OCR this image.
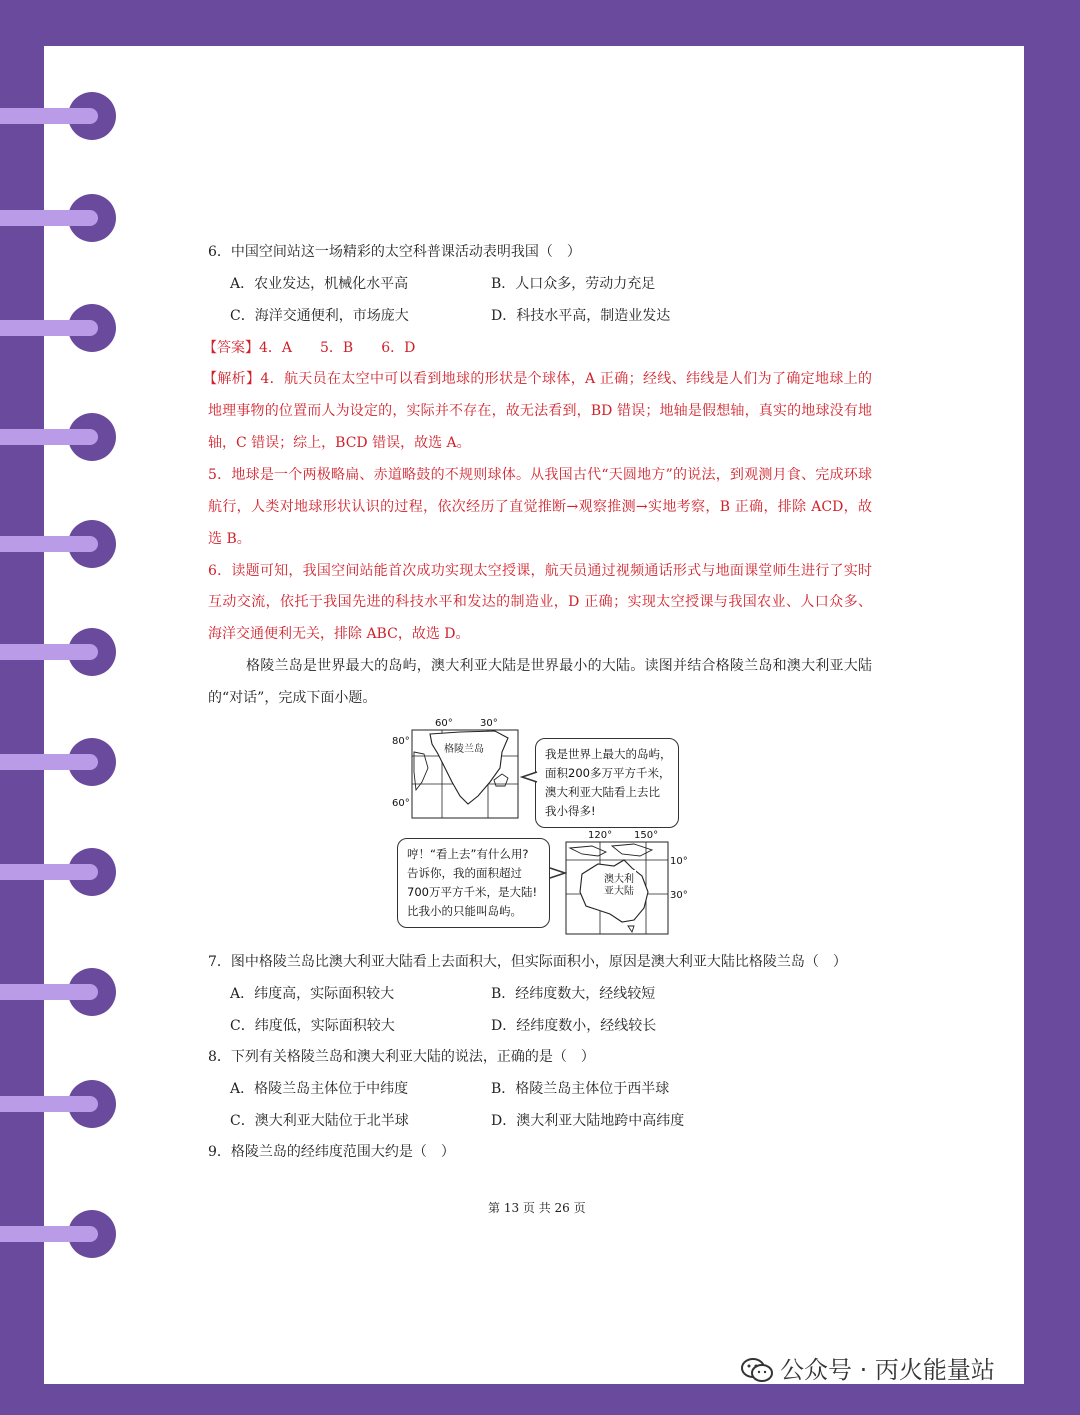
6．中国空间站这一场精彩的太空科普课活动表明我国（　）
A．农业发达，机械化水平高	B．人口众多，劳动力充足
C．海洋交通便利，市场庞大	D．科技水平高，制造业发达
【答案】4．A　　5．B　　6．D
【解析】4．航天员在太空中可以看到地球的形状是个球体，A 正确；经线、纬线是人们为了确定地球上的
地理事物的位置而人为设定的，实际并不存在，故无法看到，BD 错误；地轴是假想轴，真实的地球没有地
轴，C 错误；综上，BCD 错误，故选 A。
5．地球是一个两极略扁、赤道略鼓的不规则球体。从我国古代“天圆地方”的说法，到观测月食、完成环球
航行，人类对地球形状认识的过程，依次经历了直觉推断→观察推测→实地考察，B 正确，排除 ACD，故
选 B。
6．读题可知，我国空间站能首次成功实现太空授课，航天员通过视频通话形式与地面课堂师生进行了实时
互动交流，依托于我国先进的科技水平和发达的制造业，D 正确；实现太空授课与我国农业、人口众多、
海洋交通便利无关，排除 ABC，故选 D。
格陵兰岛是世界最大的岛屿，澳大利亚大陆是世界最小的大陆。读图并结合格陵兰岛和澳大利亚大陆
的“对话”，完成下面小题。
60°	30°
80°
60°
格陵兰岛	我是世界上最大的岛屿，
面积200多万平方千米，
澳大利亚大陆看上去比
我小得多!
哼！“看上去”有什么用?
告诉你，我的面积超过
700万平方千米，是大陆!
比我小的只能叫岛屿。
120° 150°
10°
30°
澳大利
亚大陆
7．图中格陵兰岛比澳大利亚大陆看上去面积大，但实际面积小，原因是澳大利亚大陆比格陵兰岛（　）
A．纬度高，实际面积较大	B．经纬度数大，经线较短
C．纬度低，实际面积较大	D．经纬度数小，经线较长
8．下列有关格陵兰岛和澳大利亚大陆的说法，正确的是（　）
A．格陵兰岛主体位于中纬度	B．格陵兰岛主体位于西半球
C．澳大利亚大陆位于北半球	D．澳大利亚大陆地跨中高纬度
9．格陵兰岛的经纬度范围大约是（　）
第 13 页 共 26 页
公众号 · 丙火能量站
